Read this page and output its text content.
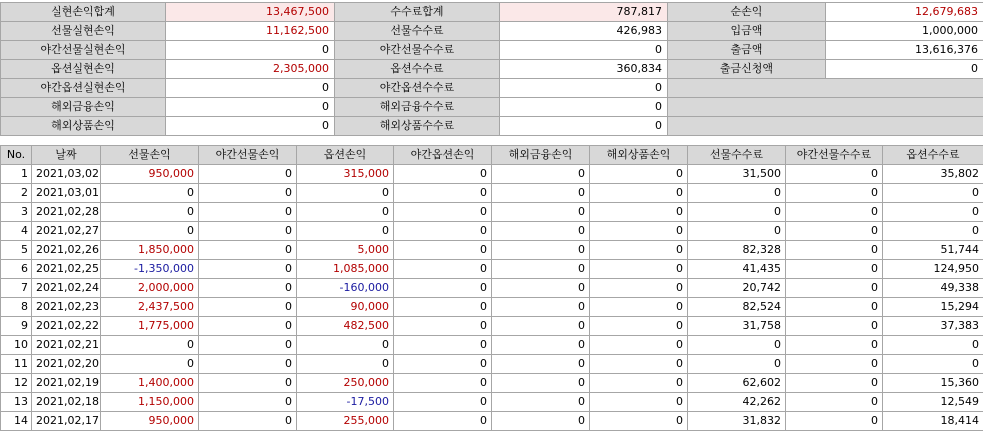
실현손익합계	13,467,500	수수료합계	787,817	순손익	12,679,683
선물실현손익	11,162,500	선물수수료	426,983	입금액	1,000,000
야간선물실현손익	0	야간선물수수료	0	출금액	13,616,376
옵션실현손익	2,305,000	옵션수수료	360,834	출금신청액	0
야간옵션실현손익	0	야간옵션수수료	0		
해외금융손익	0	해외금융수수료	0		
해외상품손익	0	해외상품수수료	0		
No.	날짜	선물손익	야간선물손익	옵션손익	야간옵션손익	해외금융손익	해외상품손익	선물수수료	야간선물수수료	옵션수수료
1	2021,03,02	950,000	0	315,000	0	0	0	31,500	0	35,802
2	2021,03,01	0	0	0	0	0	0	0	0	0
3	2021,02,28	0	0	0	0	0	0	0	0	0
4	2021,02,27	0	0	0	0	0	0	0	0	0
5	2021,02,26	1,850,000	0	5,000	0	0	0	82,328	0	51,744
6	2021,02,25	-1,350,000	0	1,085,000	0	0	0	41,435	0	124,950
7	2021,02,24	2,000,000	0	-160,000	0	0	0	20,742	0	49,338
8	2021,02,23	2,437,500	0	90,000	0	0	0	82,524	0	15,294
9	2021,02,22	1,775,000	0	482,500	0	0	0	31,758	0	37,383
10	2021,02,21	0	0	0	0	0	0	0	0	0
11	2021,02,20	0	0	0	0	0	0	0	0	0
12	2021,02,19	1,400,000	0	250,000	0	0	0	62,602	0	15,360
13	2021,02,18	1,150,000	0	-17,500	0	0	0	42,262	0	12,549
14	2021,02,17	950,000	0	255,000	0	0	0	31,832	0	18,414
